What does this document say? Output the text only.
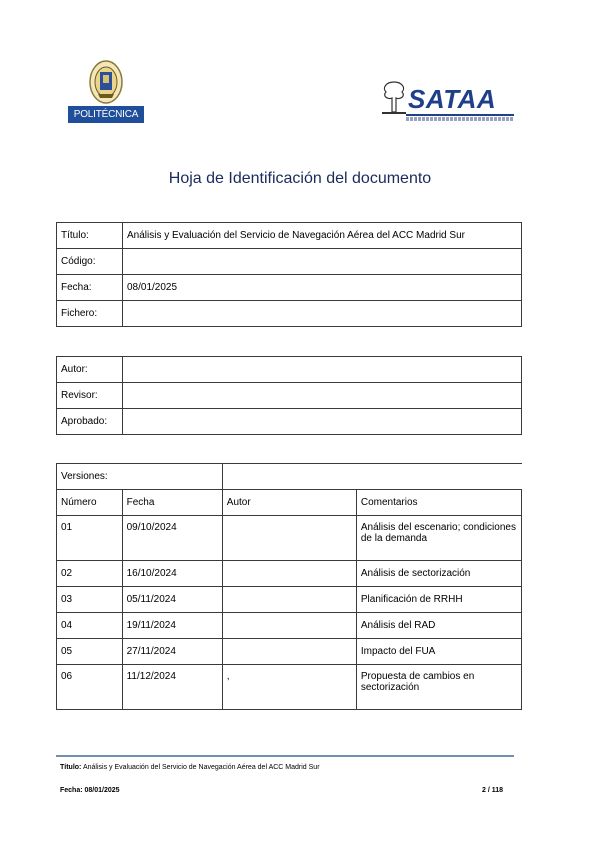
POLITÉCNICA
SATAA
Hoja de Identificación del documento
Título:	Análisis y Evaluación del Servicio de Navegación Aérea del ACC Madrid Sur
Código:	
Fecha:	08/01/2025
Fichero:	
Autor:	
Revisor:	
Aprobado:	
Versiones:			
Número	Fecha	Autor	Comentarios
01	09/10/2024		Análisis del escenario; condiciones de la demanda
02	16/10/2024		Análisis de sectorización
03	05/11/2024		Planificación de RRHH
04	19/11/2024		Análisis del RAD
05	27/11/2024		Impacto del FUA
06	11/12/2024	,	Propuesta de cambios en sectorización
Título: Análisis y Evaluación del Servicio de Navegación Aérea del ACC Madrid Sur
Fecha: 08/01/2025	2 / 118
